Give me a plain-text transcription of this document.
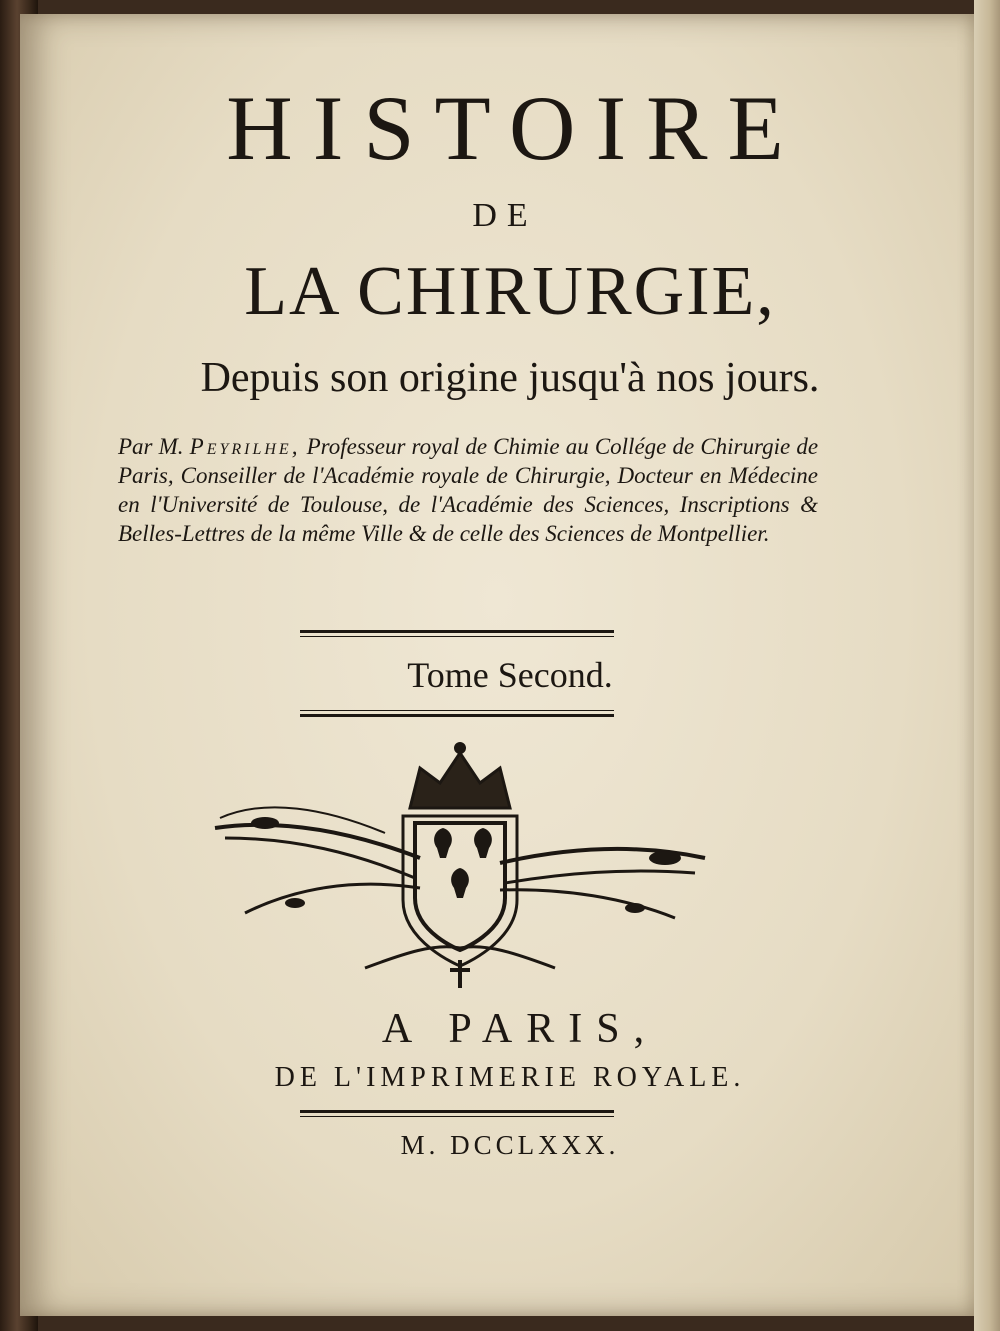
HISTOIRE
DE
LA CHIRURGIE,
Depuis son origine jusqu'à nos jours.
Par M. Peyrilhe, Professeur royal de Chimie au Collége de Chirurgie de Paris, Conseiller de l'Académie royale de Chirurgie, Docteur en Médecine en l'Université de Toulouse, de l'Académie des Sciences, Inscriptions & Belles-Lettres de la même Ville & de celle des Sciences de Montpellier.
Tome Second.
A PARIS,
DE L'IMPRIMERIE ROYALE.
M. DCCLXXX.
